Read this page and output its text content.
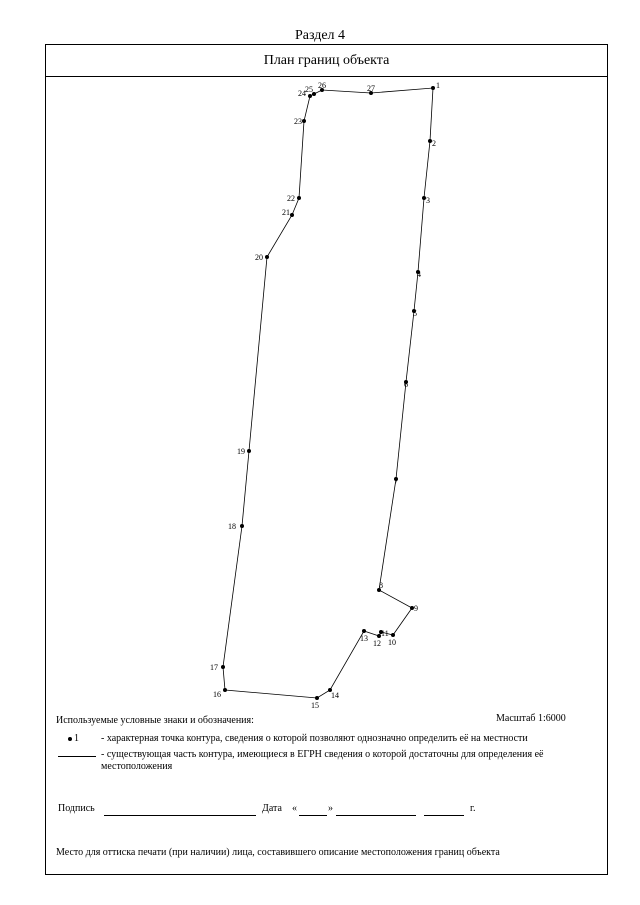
Раздел 4
План границ объекта
1
2
3
4
5
6
7
8
9
10
11
12
13
14
15
16
17
18
19
20
21
22
23
24 25 26	27
Используемые условные знаки и обозначения:	Масштаб 1:6000
1 - характерная точка контура, сведения о которой позволяют однозначно определить её на местности
- существующая часть контура, имеющиеся в ЕГРН сведения о которой достаточны для определения её местоположения
Подпись	Дата «	»	г.
Место для оттиска печати (при наличии) лица, составившего описание местоположения границ объекта
